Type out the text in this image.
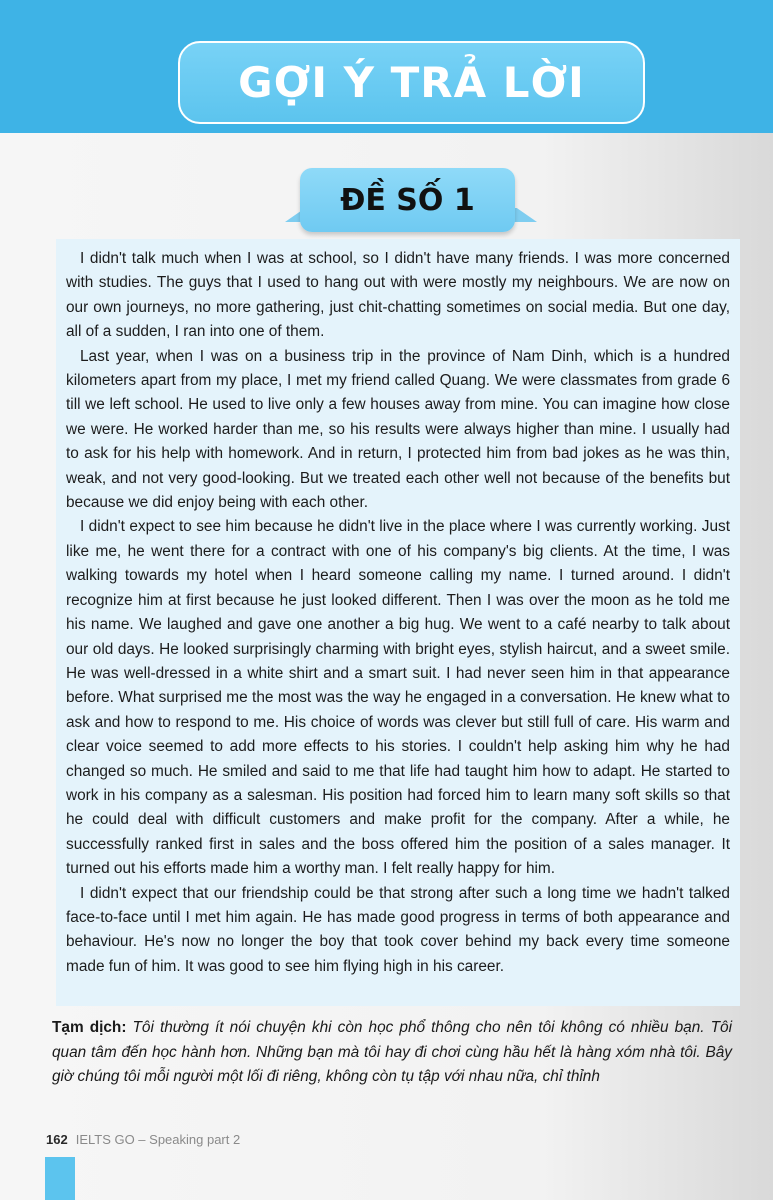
GỢI Ý TRẢ LỜI
ĐỀ SỐ 1

I didn't talk much when I was at school, so I didn't have many friends. I was more concerned with studies. The guys that I used to hang out with were mostly my neighbours. We are now on our own journeys, no more gathering, just chit-chatting sometimes on social media. But one day, all of a sudden, I ran into one of them.

Last year, when I was on a business trip in the province of Nam Dinh, which is a hundred kilometers apart from my place, I met my friend called Quang. We were classmates from grade 6 till we left school. He used to live only a few houses away from mine. You can imagine how close we were. He worked harder than me, so his results were always higher than mine. I usually had to ask for his help with homework. And in return, I protected him from bad jokes as he was thin, weak, and not very good-looking. But we treated each other well not because of the benefits but because we did enjoy being with each other.

I didn't expect to see him because he didn't live in the place where I was currently working. Just like me, he went there for a contract with one of his company's big clients. At the time, I was walking towards my hotel when I heard someone calling my name. I turned around. I didn't recognize him at first because he just looked different. Then I was over the moon as he told me his name. We laughed and gave one another a big hug. We went to a café nearby to talk about our old days. He looked surprisingly charming with bright eyes, stylish haircut, and a sweet smile. He was well-dressed in a white shirt and a smart suit. I had never seen him in that appearance before. What surprised me the most was the way he engaged in a conversation. He knew what to ask and how to respond to me. His choice of words was clever but still full of care. His warm and clear voice seemed to add more effects to his stories. I couldn't help asking him why he had changed so much. He smiled and said to me that life had taught him how to adapt. He started to work in his company as a salesman. His position had forced him to learn many soft skills so that he could deal with difficult customers and make profit for the company. After a while, he successfully ranked first in sales and the boss offered him the position of a sales manager. It turned out his efforts made him a worthy man. I felt really happy for him.

I didn't expect that our friendship could be that strong after such a long time we hadn't talked face-to-face until I met him again. He has made good progress in terms of both appearance and behaviour. He's now no longer the boy that took cover behind my back every time someone made fun of him. It was good to see him flying high in his career.

Tạm dịch: Tôi thường ít nói chuyện khi còn học phổ thông cho nên tôi không có nhiều bạn. Tôi quan tâm đến học hành hơn. Những bạn mà tôi hay đi chơi cùng hầu hết là hàng xóm nhà tôi. Bây giờ chúng tôi mỗi người một lối đi riêng, không còn tụ tập với nhau nữa, chỉ thỉnh

162 IELTS GO – Speaking part 2
